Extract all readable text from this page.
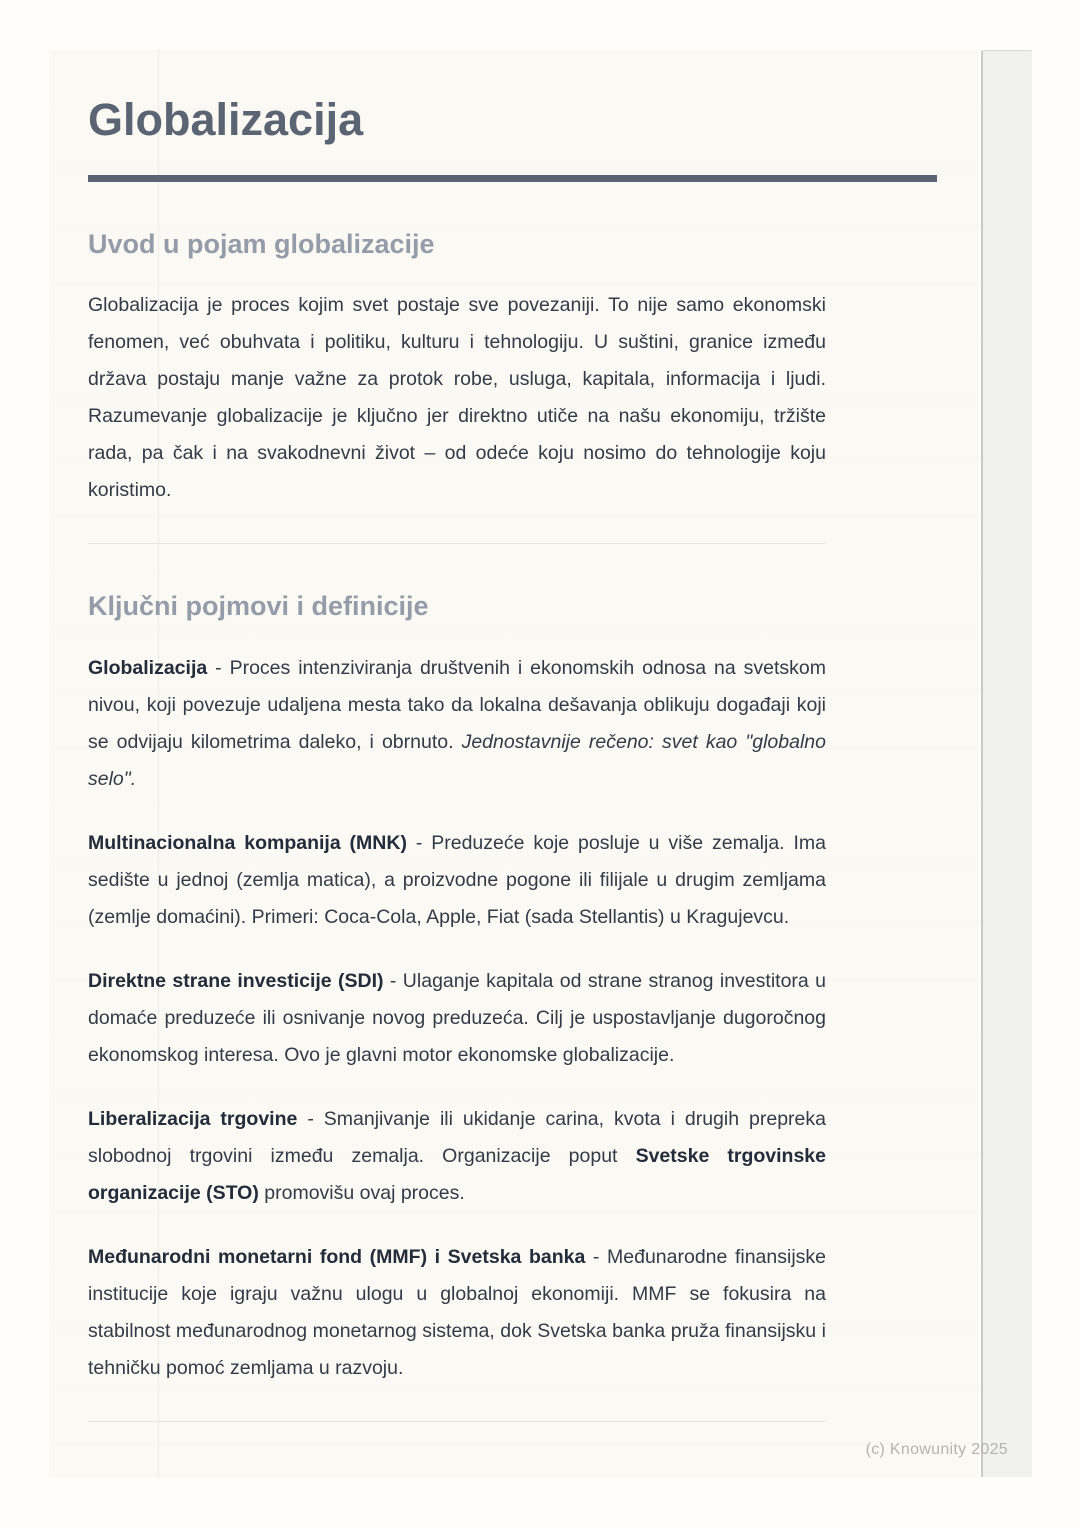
Globalizacija
Uvod u pojam globalizacije

Globalizacija je proces kojim svet postaje sve povezaniji. To nije samo ekonomski fenomen, već obuhvata i politiku, kulturu i tehnologiju. U suštini, granice između država postaju manje važne za protok robe, usluga, kapitala, informacija i ljudi. Razumevanje globalizacije je ključno jer direktno utiče na našu ekonomiju, tržište rada, pa čak i na svakodnevni život – od odeće koju nosimo do tehnologije koju koristimo.

Ključni pojmovi i definicije

Globalizacija - Proces intenziviranja društvenih i ekonomskih odnosa na svetskom nivou, koji povezuje udaljena mesta tako da lokalna dešavanja oblikuju događaji koji se odvijaju kilometrima daleko, i obrnuto. Jednostavnije rečeno: svet kao "globalno selo".

Multinacionalna kompanija (MNK) - Preduzeće koje posluje u više zemalja. Ima sedište u jednoj (zemlja matica), a proizvodne pogone ili filijale u drugim zemljama (zemlje domaćini). Primeri: Coca-Cola, Apple, Fiat (sada Stellantis) u Kragujevcu.

Direktne strane investicije (SDI) - Ulaganje kapitala od strane stranog investitora u domaće preduzeće ili osnivanje novog preduzeća. Cilj je uspostavljanje dugoročnog ekonomskog interesa. Ovo je glavni motor ekonomske globalizacije.

Liberalizacija trgovine - Smanjivanje ili ukidanje carina, kvota i drugih prepreka slobodnoj trgovini između zemalja. Organizacije poput Svetske trgovinske organizacije (STO) promovišu ovaj proces.

Međunarodni monetarni fond (MMF) i Svetska banka - Međunarodne finansijske institucije koje igraju važnu ulogu u globalnoj ekonomiji. MMF se fokusira na stabilnost međunarodnog monetarnog sistema, dok Svetska banka pruža finansijsku i tehničku pomoć zemljama u razvoju.

(c) Knowunity 2025
